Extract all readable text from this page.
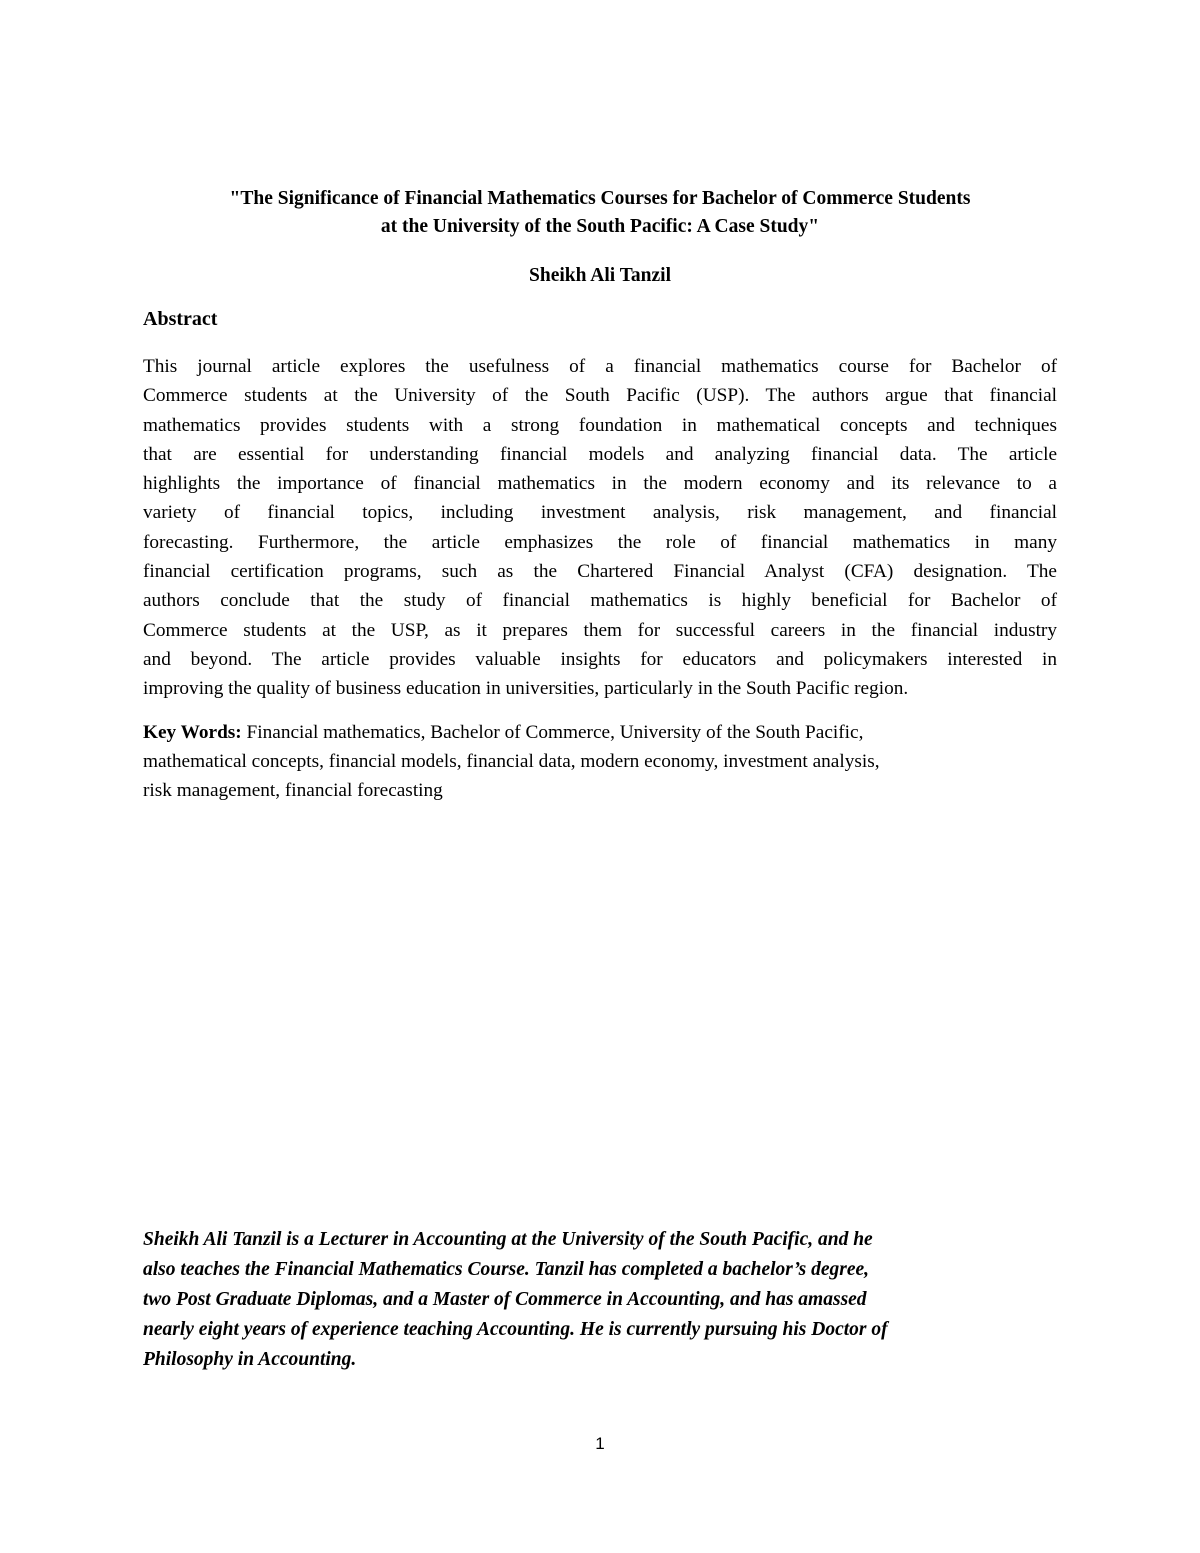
"The Significance of Financial Mathematics Courses for Bachelor of Commerce Students
at the University of the South Pacific: A Case Study"
Sheikh Ali Tanzil
Abstract
This journal article explores the usefulness of a financial mathematics course for Bachelor of
Commerce students at the University of the South Pacific (USP). The authors argue that financial
mathematics provides students with a strong foundation in mathematical concepts and techniques
that are essential for understanding financial models and analyzing financial data. The article
highlights the importance of financial mathematics in the modern economy and its relevance to a
variety of financial topics, including investment analysis, risk management, and financial
forecasting. Furthermore, the article emphasizes the role of financial mathematics in many
financial certification programs, such as the Chartered Financial Analyst (CFA) designation. The
authors conclude that the study of financial mathematics is highly beneficial for Bachelor of
Commerce students at the USP, as it prepares them for successful careers in the financial industry
and beyond. The article provides valuable insights for educators and policymakers interested in
improving the quality of business education in universities, particularly in the South Pacific region.
Key Words: Financial mathematics, Bachelor of Commerce, University of the South Pacific,
mathematical concepts, financial models, financial data, modern economy, investment analysis,
risk management, financial forecasting
Sheikh Ali Tanzil is a Lecturer in Accounting at the University of the South Pacific, and he
also teaches the Financial Mathematics Course. Tanzil has completed a bachelor’s degree,
two Post Graduate Diplomas, and a Master of Commerce in Accounting, and has amassed
nearly eight years of experience teaching Accounting. He is currently pursuing his Doctor of
Philosophy in Accounting.
1
